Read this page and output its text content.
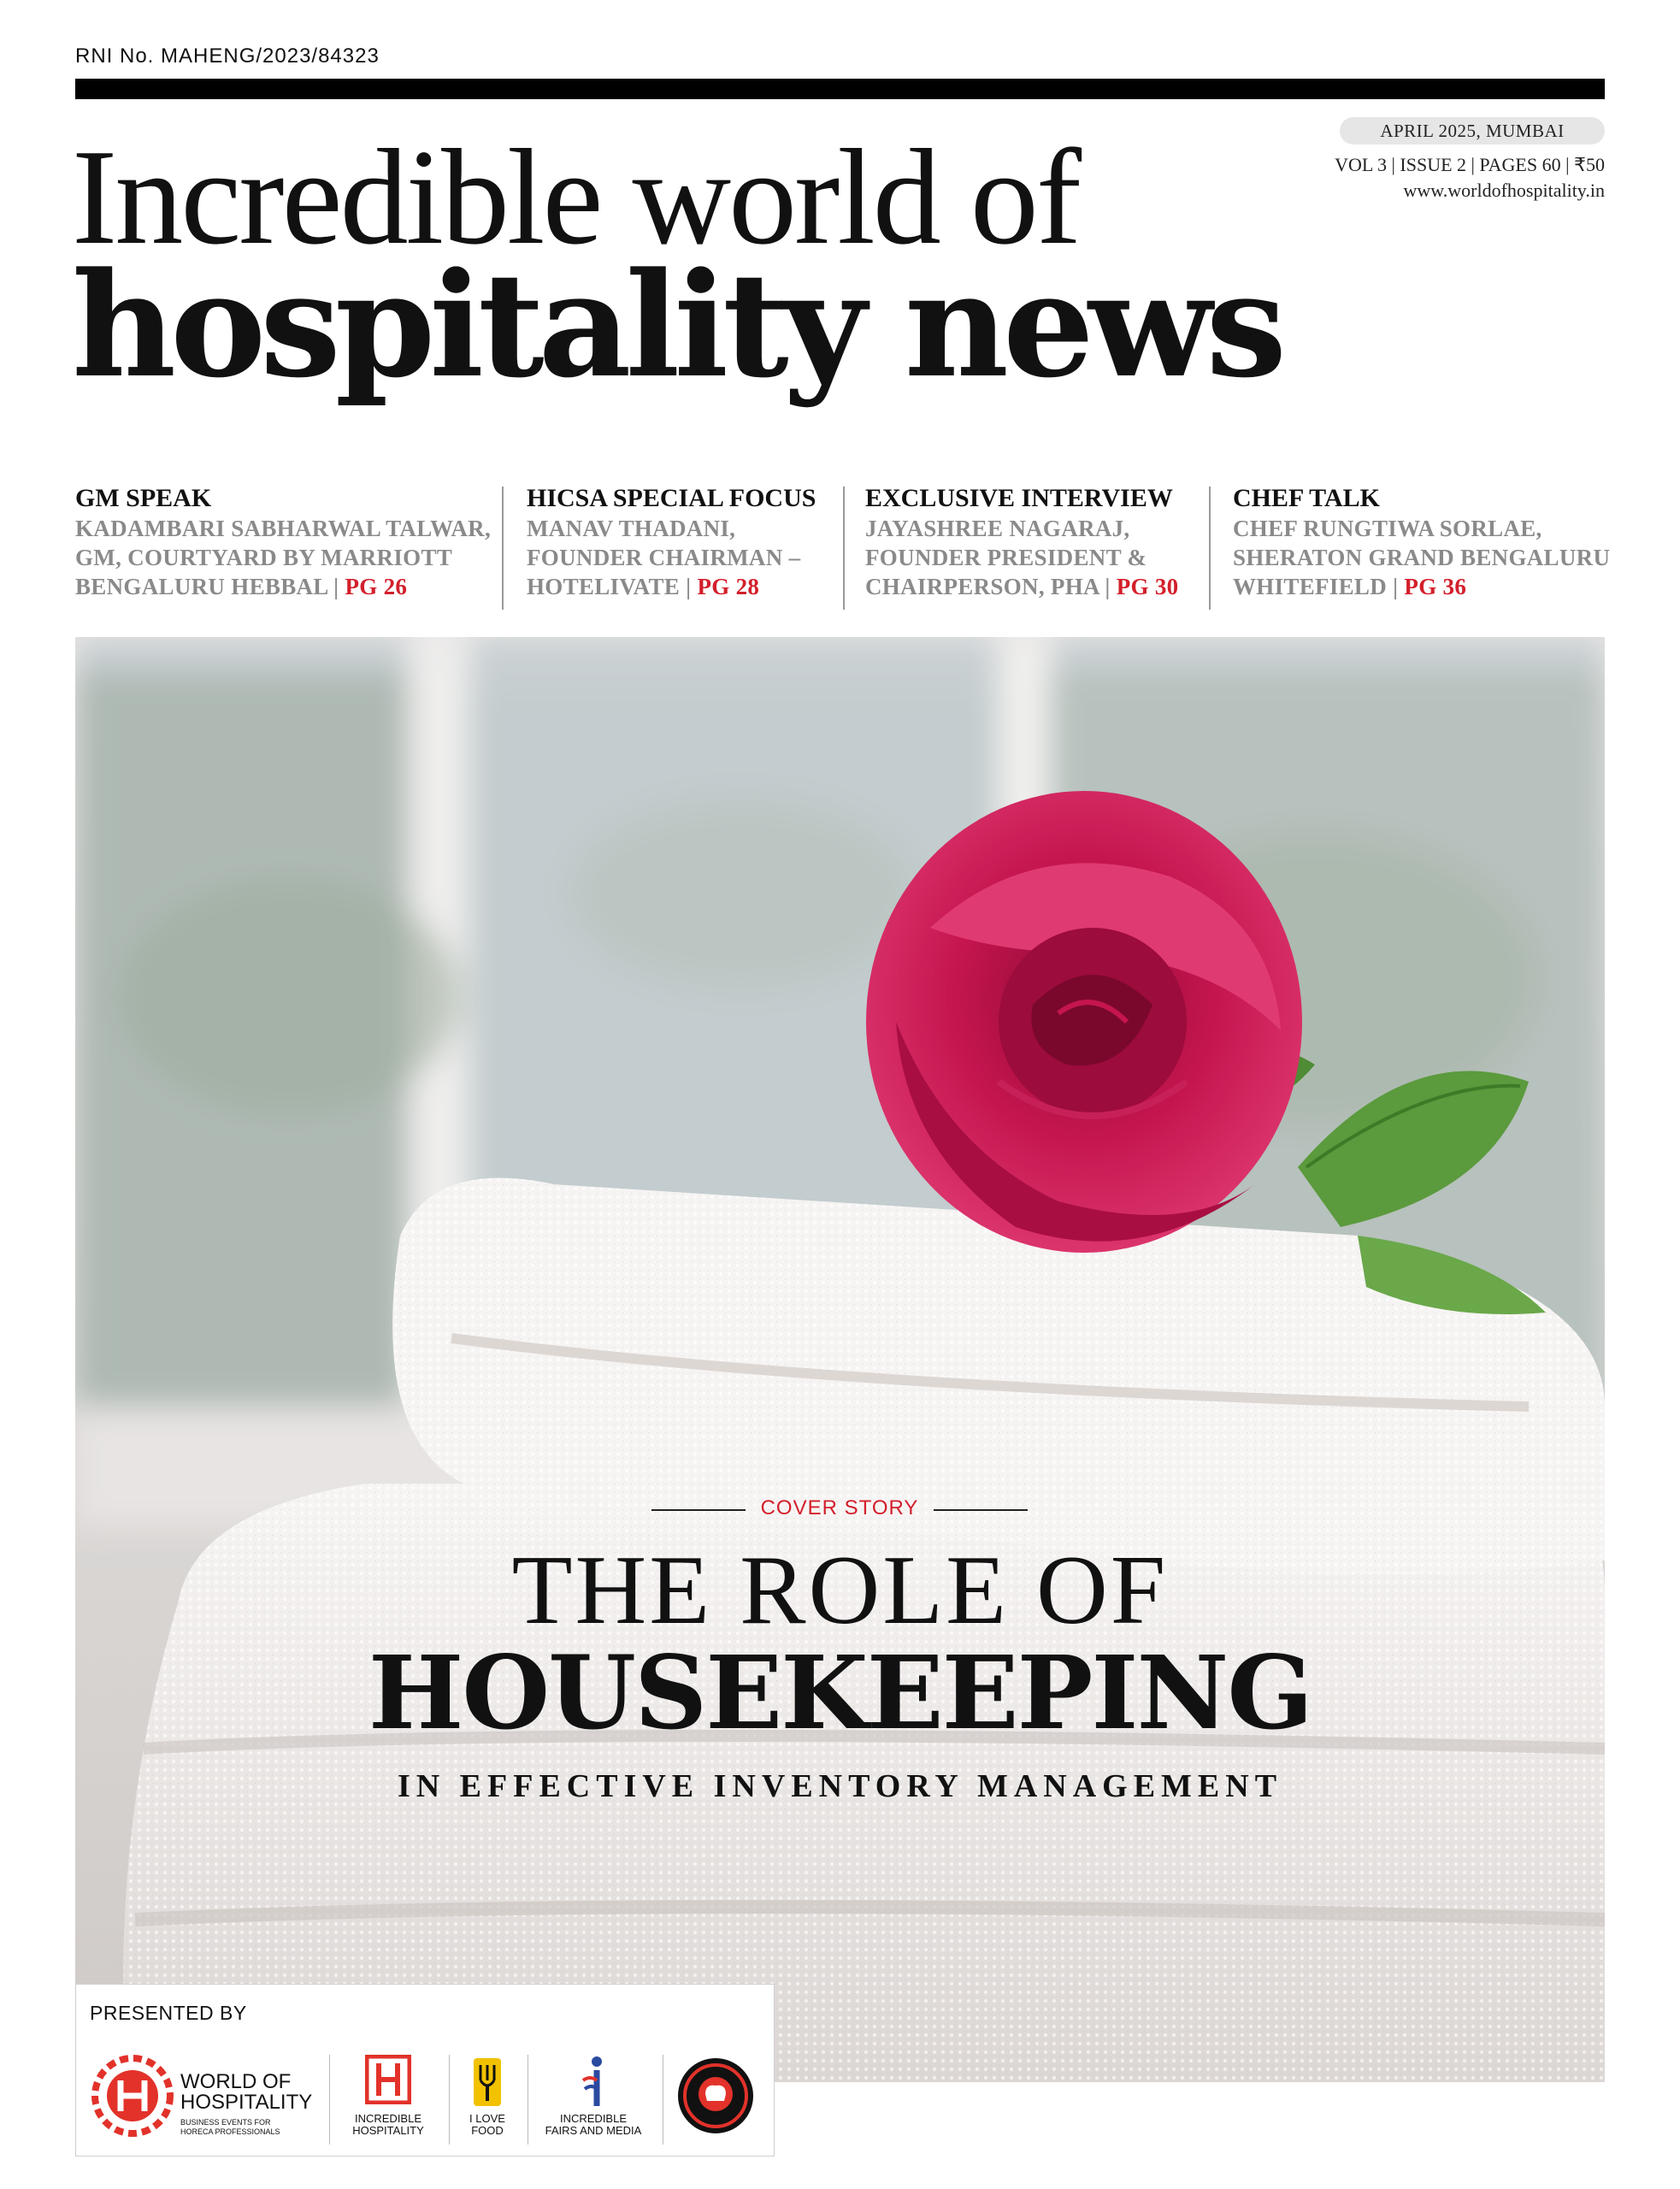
RNI No. MAHENG/2023/84323
APRIL 2025, MUMBAI
VOL 3 | ISSUE 2 | PAGES 60 | ₹50
www.worldofhospitality.in
Incredible world of
hospitality news
GM SPEAK
KADAMBARI SABHARWAL TALWAR,
GM, COURTYARD BY MARRIOTT
BENGALURU HEBBAL | PG 26
HICSA SPECIAL FOCUS
MANAV THADANI,
FOUNDER CHAIRMAN –
HOTELIVATE | PG 28
EXCLUSIVE INTERVIEW
JAYASHREE NAGARAJ,
FOUNDER PRESIDENT &
CHAIRPERSON, PHA | PG 30
CHEF TALK
CHEF RUNGTIWA SORLAE,
SHERATON GRAND BENGALURU
WHITEFIELD | PG 36
COVER STORY
THE ROLE OF
HOUSEKEEPING
IN EFFECTIVE INVENTORY MANAGEMENT
PRESENTED BY
WORLD OF
HOSPITALITY
BUSINESS EVENTS FOR
HORECA PROFESSIONALS
INCREDIBLE
HOSPITALITY
I LOVE
FOOD
INCREDIBLE
FAIRS AND MEDIA
